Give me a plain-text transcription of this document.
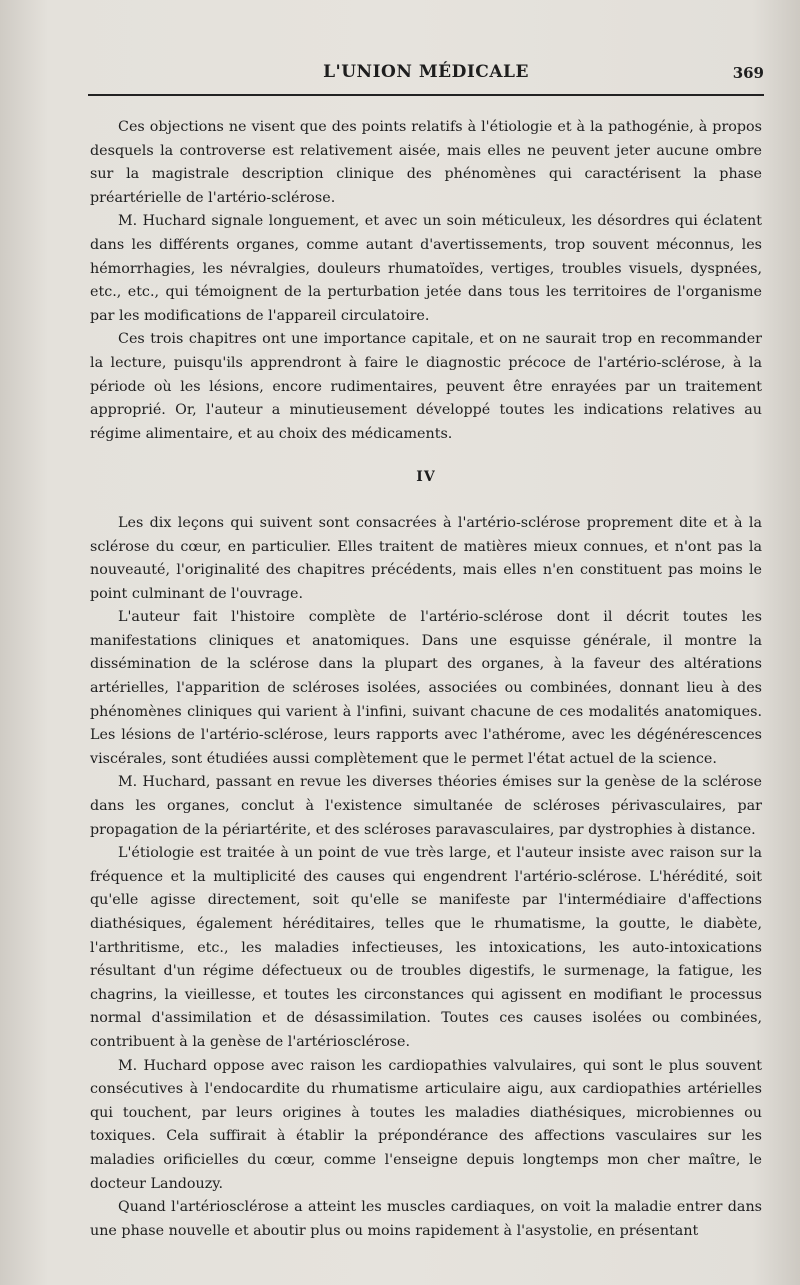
L'UNION MÉDICALE	369

Ces objections ne visent que des points relatifs à l'étiologie et à la pathogénie, à propos desquels la controverse est relativement aisée, mais elles ne peuvent jeter aucune ombre sur la magistrale description clinique des phénomènes qui caractérisent la phase préartérielle de l'artério-sclérose.

M. Huchard signale longuement, et avec un soin méticuleux, les désordres qui éclatent dans les différents organes, comme autant d'avertissements, trop souvent méconnus, les hémorrhagies, les névralgies, douleurs rhumatoïdes, vertiges, troubles visuels, dyspnées, etc., etc., qui témoignent de la perturbation jetée dans tous les territoires de l'organisme par les modifications de l'appareil circulatoire.

Ces trois chapitres ont une importance capitale, et on ne saurait trop en recommander la lecture, puisqu'ils apprendront à faire le diagnostic précoce de l'artério-sclérose, à la période où les lésions, encore rudimentaires, peuvent être enrayées par un traitement approprié. Or, l'auteur a minutieusement développé toutes les indications relatives au régime alimentaire, et au choix des médicaments.

IV

Les dix leçons qui suivent sont consacrées à l'artério-sclérose proprement dite et à la sclérose du cœur, en particulier. Elles traitent de matières mieux connues, et n'ont pas la nouveauté, l'originalité des chapitres précédents, mais elles n'en constituent pas moins le point culminant de l'ouvrage.

L'auteur fait l'histoire complète de l'artério-sclérose dont il décrit toutes les manifestations cliniques et anatomiques. Dans une esquisse générale, il montre la dissémination de la sclérose dans la plupart des organes, à la faveur des altérations artérielles, l'apparition de scléroses isolées, associées ou combinées, donnant lieu à des phénomènes cliniques qui varient à l'infini, suivant chacune de ces modalités anatomiques. Les lésions de l'artério-sclérose, leurs rapports avec l'athérome, avec les dégénérescences viscérales, sont étudiées aussi complètement que le permet l'état actuel de la science.

M. Huchard, passant en revue les diverses théories émises sur la genèse de la sclérose dans les organes, conclut à l'existence simultanée de scléroses périvasculaires, par propagation de la périartérite, et des scléroses paravasculaires, par dystrophies à distance.

L'étiologie est traitée à un point de vue très large, et l'auteur insiste avec raison sur la fréquence et la multiplicité des causes qui engendrent l'artério-sclérose. L'hérédité, soit qu'elle agisse directement, soit qu'elle se manifeste par l'intermédiaire d'affections diathésiques, également héréditaires, telles que le rhumatisme, la goutte, le diabète, l'arthritisme, etc., les maladies infectieuses, les intoxications, les auto-intoxications résultant d'un régime défectueux ou de troubles digestifs, le surmenage, la fatigue, les chagrins, la vieillesse, et toutes les circonstances qui agissent en modifiant le processus normal d'assimilation et de désassimilation. Toutes ces causes isolées ou combinées, contribuent à la genèse de l'artériosclérose.

M. Huchard oppose avec raison les cardiopathies valvulaires, qui sont le plus souvent consécutives à l'endocardite du rhumatisme articulaire aigu, aux cardiopathies artérielles qui touchent, par leurs origines à toutes les maladies diathésiques, microbiennes ou toxiques. Cela suffirait à établir la prépondérance des affections vasculaires sur les maladies orificielles du cœur, comme l'enseigne depuis longtemps mon cher maître, le docteur Landouzy.

Quand l'artériosclérose a atteint les muscles cardiaques, on voit la maladie entrer dans une phase nouvelle et aboutir plus ou moins rapidement à l'asystolie, en présentant
